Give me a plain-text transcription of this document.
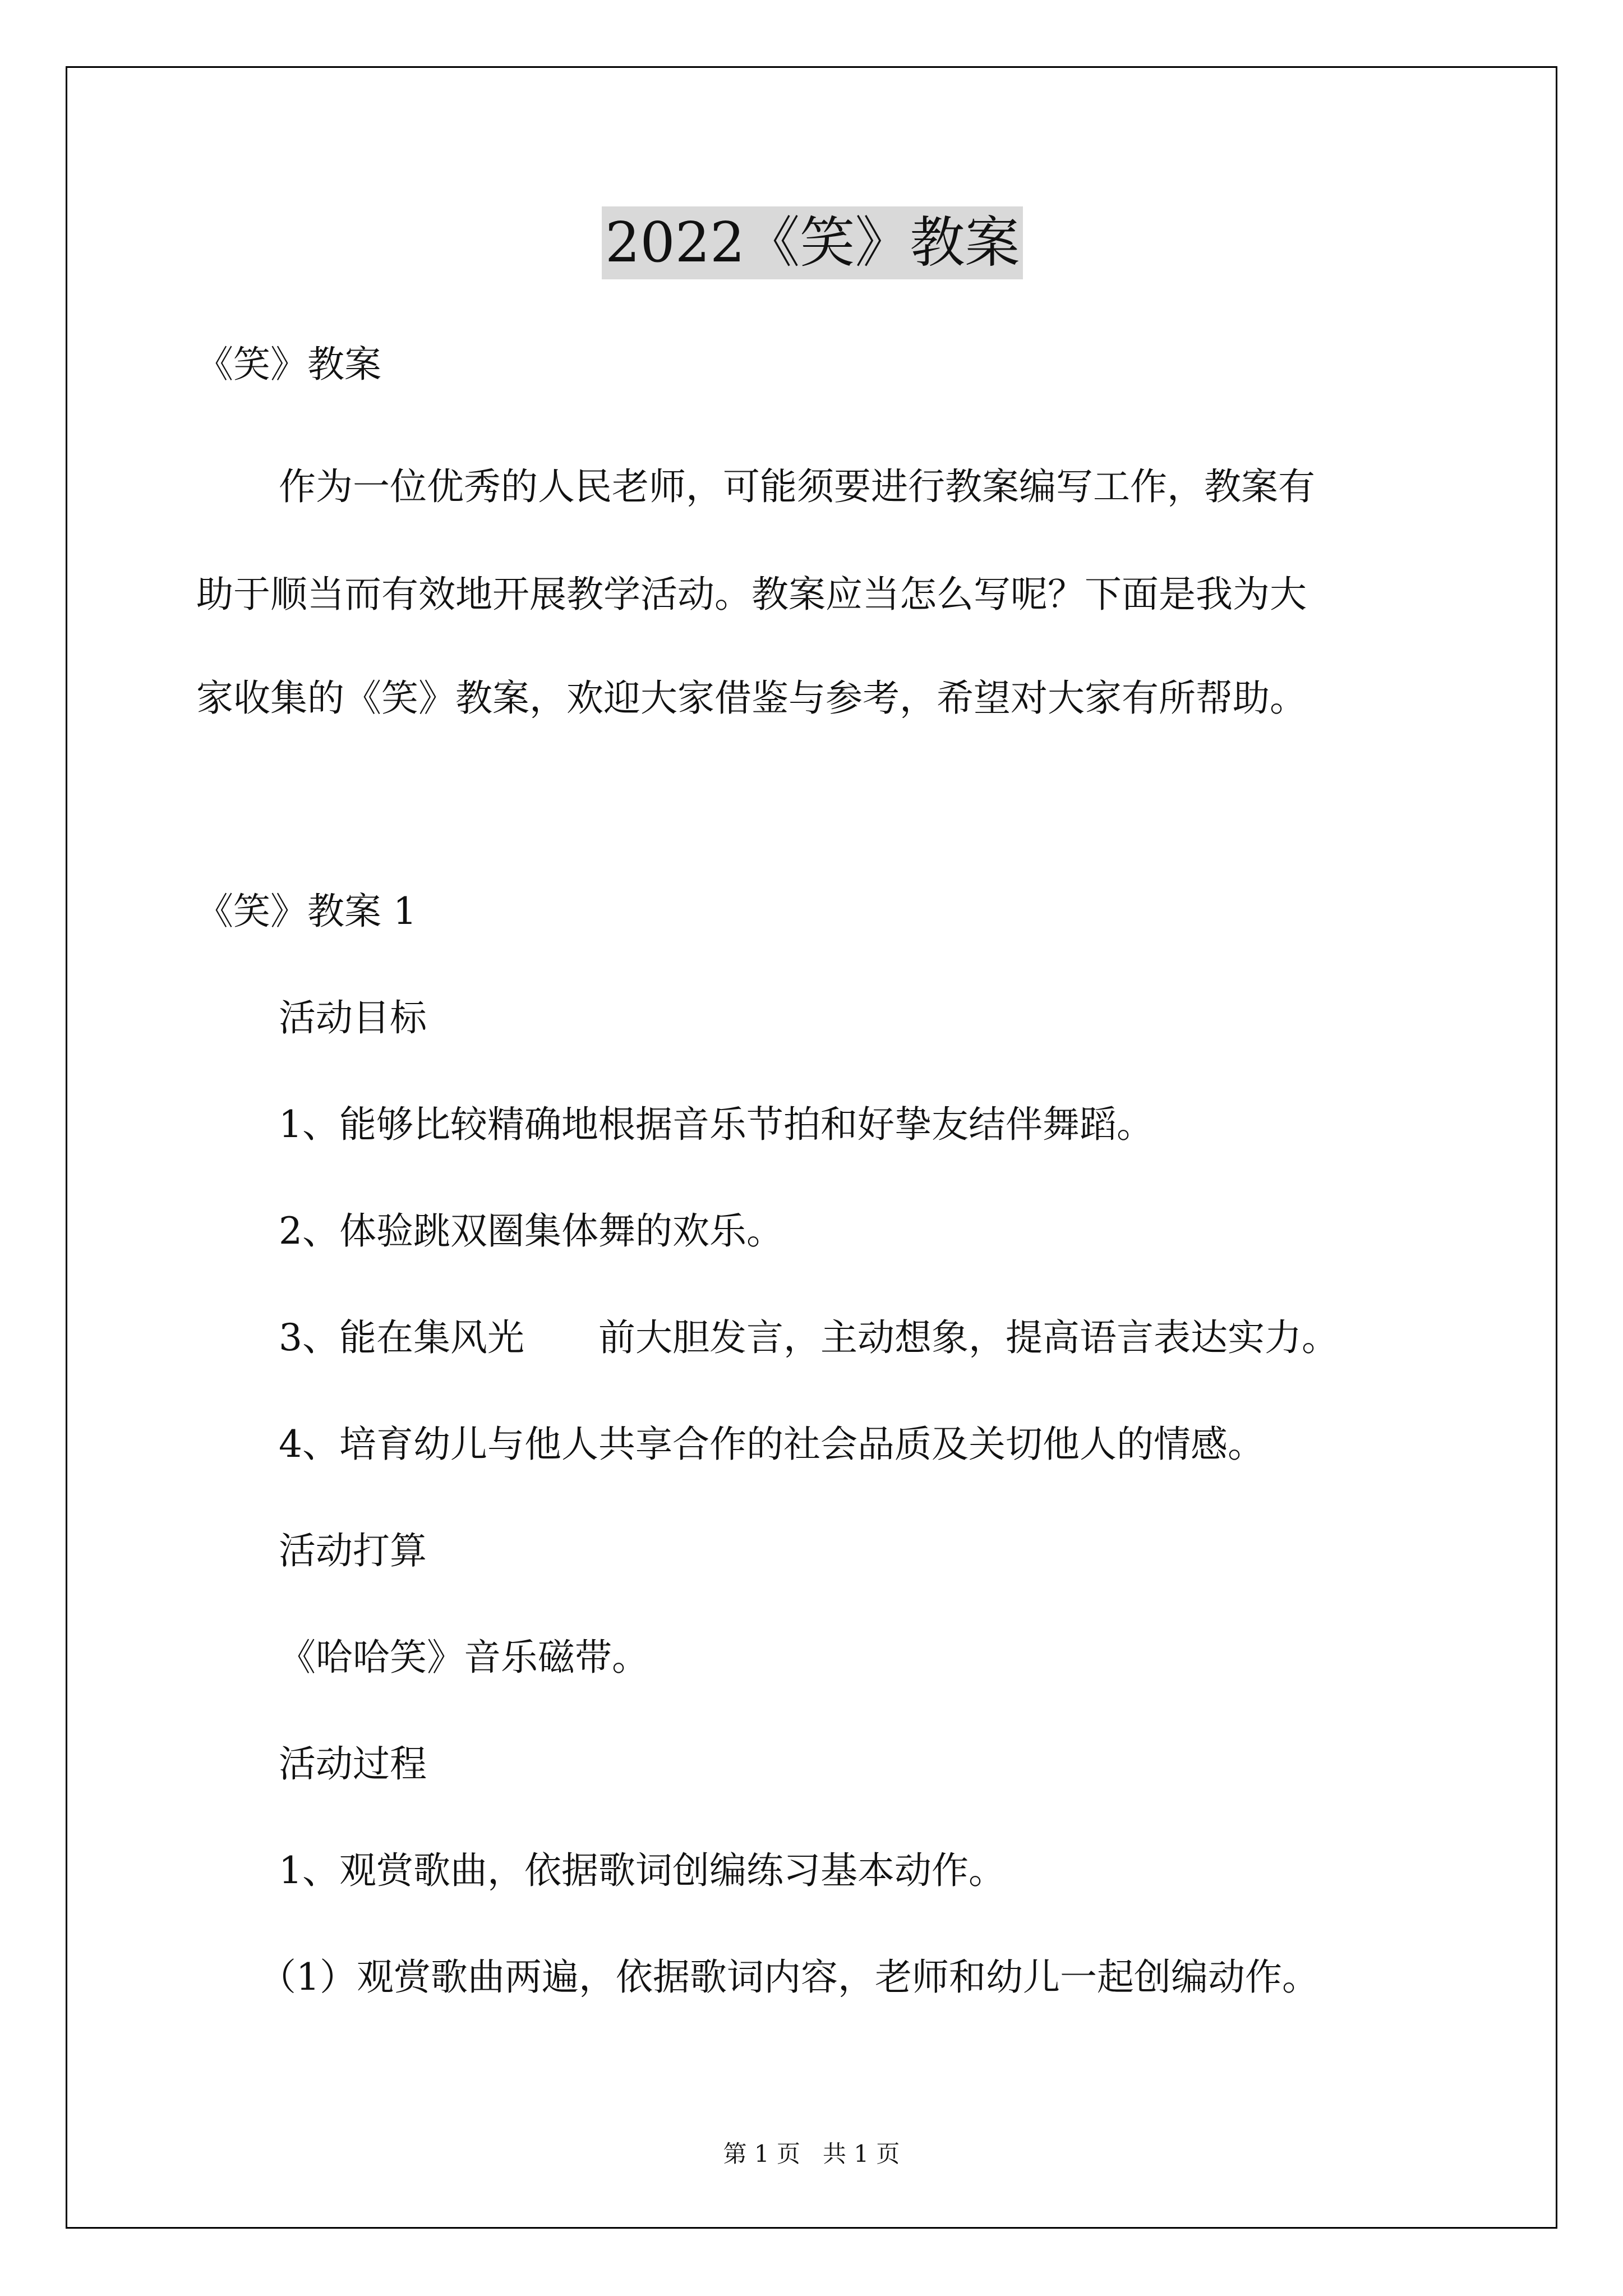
2022《笑》教案
《笑》教案
作为一位优秀的人民老师，可能须要进行教案编写工作，教案有
助于顺当而有效地开展教学活动。教案应当怎么写呢？下面是我为大
家收集的《笑》教案，欢迎大家借鉴与参考，希望对大家有所帮助。
《笑》教案 1
活动目标
1、能够比较精确地根据音乐节拍和好挚友结伴舞蹈。
2、体验跳双圈集体舞的欢乐。
3、能在集风光　　前大胆发言，主动想象，提高语言表达实力。
4、培育幼儿与他人共享合作的社会品质及关切他人的情感。
活动打算
《哈哈笑》音乐磁带。
活动过程
1、观赏歌曲，依据歌词创编练习基本动作。
（1）观赏歌曲两遍，依据歌词内容，老师和幼儿一起创编动作。
第 1 页 共 1 页
